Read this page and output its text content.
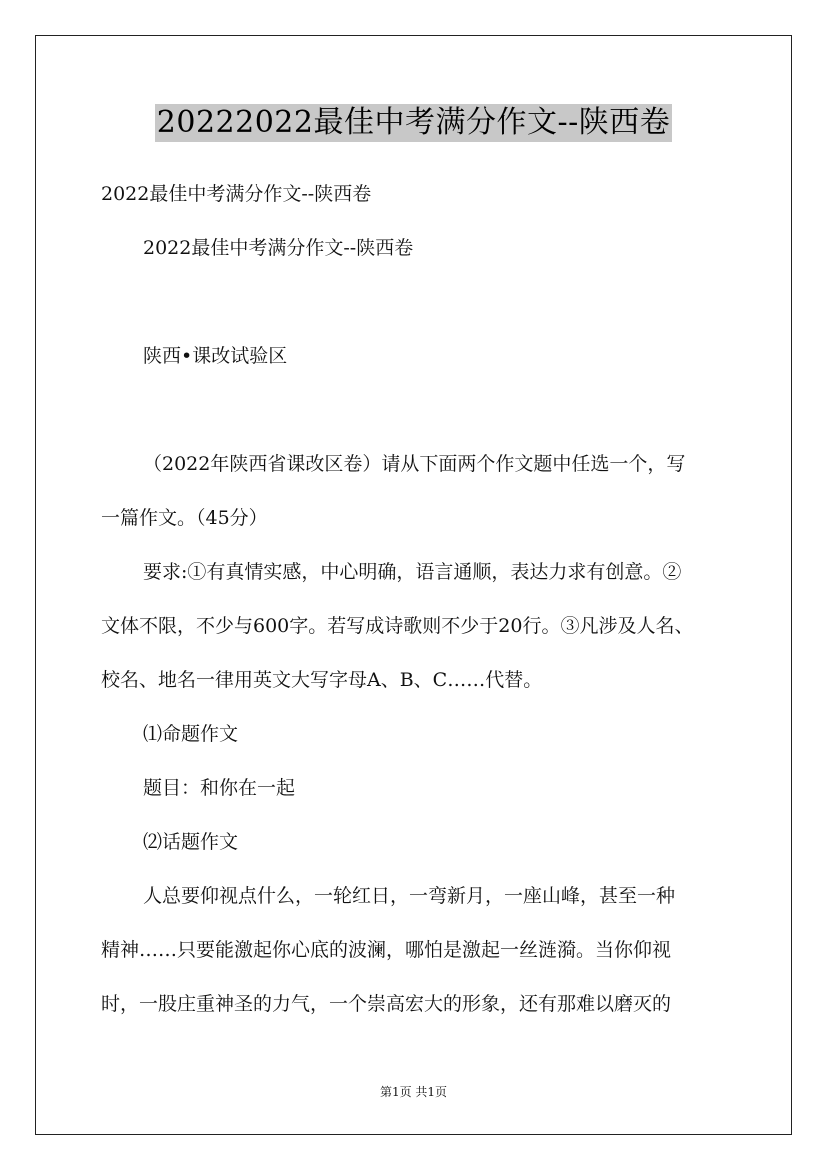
20222022最佳中考满分作文--陕西卷
2022最佳中考满分作文--陕西卷
2022最佳中考满分作文--陕西卷
陕西•课改试验区
（2022年陕西省课改区卷）请从下面两个作文题中任选一个，写
一篇作文。（45分）
要求:①有真情实感，中心明确，语言通顺，表达力求有创意。②
文体不限，不少与600字。若写成诗歌则不少于20行。③凡涉及人名、
校名、地名一律用英文大写字母A、B、C……代替。
⑴命题作文
题目：和你在一起
⑵话题作文
人总要仰视点什么，一轮红日，一弯新月，一座山峰，甚至一种
精神……只要能激起你心底的波澜，哪怕是激起一丝涟漪。当你仰视
时，一股庄重神圣的力气，一个崇高宏大的形象，还有那难以磨灭的
第1页 共1页
